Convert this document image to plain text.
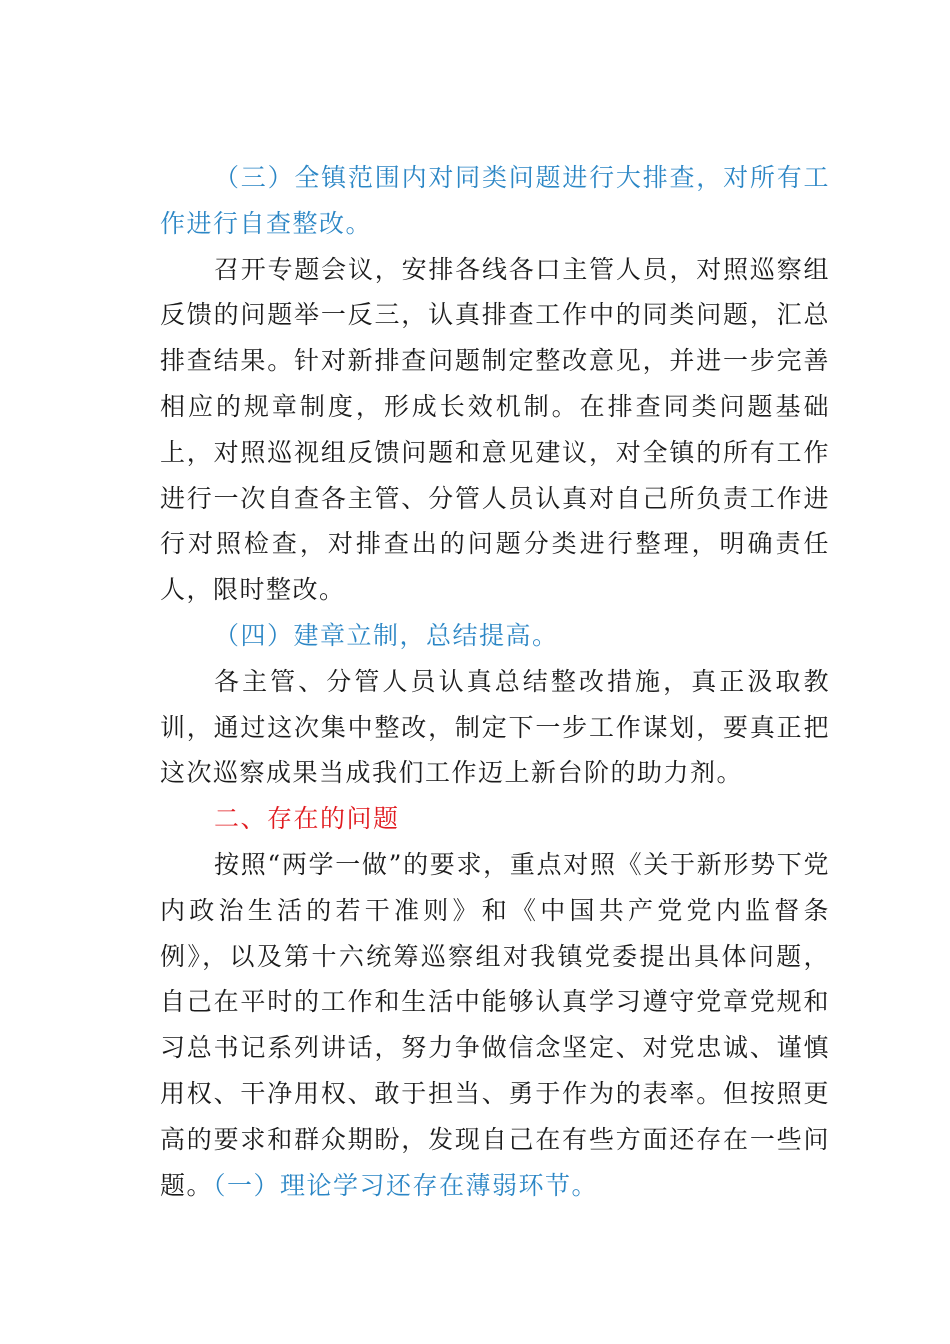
（三）全镇范围内对同类问题进行大排查，对所有工作进行自查整改。

召开专题会议，安排各线各口主管人员，对照巡察组反馈的问题举一反三，认真排查工作中的同类问题，汇总排查结果。针对新排查问题制定整改意见，并进一步完善相应的规章制度，形成长效机制。在排查同类问题基础上，对照巡视组反馈问题和意见建议，对全镇的所有工作进行一次自查各主管、分管人员认真对自己所负责工作进行对照检查，对排查出的问题分类进行整理，明确责任人，限时整改。

（四）建章立制，总结提高。

各主管、分管人员认真总结整改措施，真正汲取教训，通过这次集中整改，制定下一步工作谋划，要真正把这次巡察成果当成我们工作迈上新台阶的助力剂。

二、存在的问题

按照“两学一做”的要求，重点对照《关于新形势下党内政治生活的若干准则》和《中国共产党党内监督条例》，以及第十六统筹巡察组对我镇党委提出具体问题，自己在平时的工作和生活中能够认真学习遵守党章党规和习总书记系列讲话，努力争做信念坚定、对党忠诚、谨慎用权、干净用权、敢于担当、勇于作为的表率。但按照更高的要求和群众期盼，发现自己在有些方面还存在一些问题。（一）理论学习还存在薄弱环节。
